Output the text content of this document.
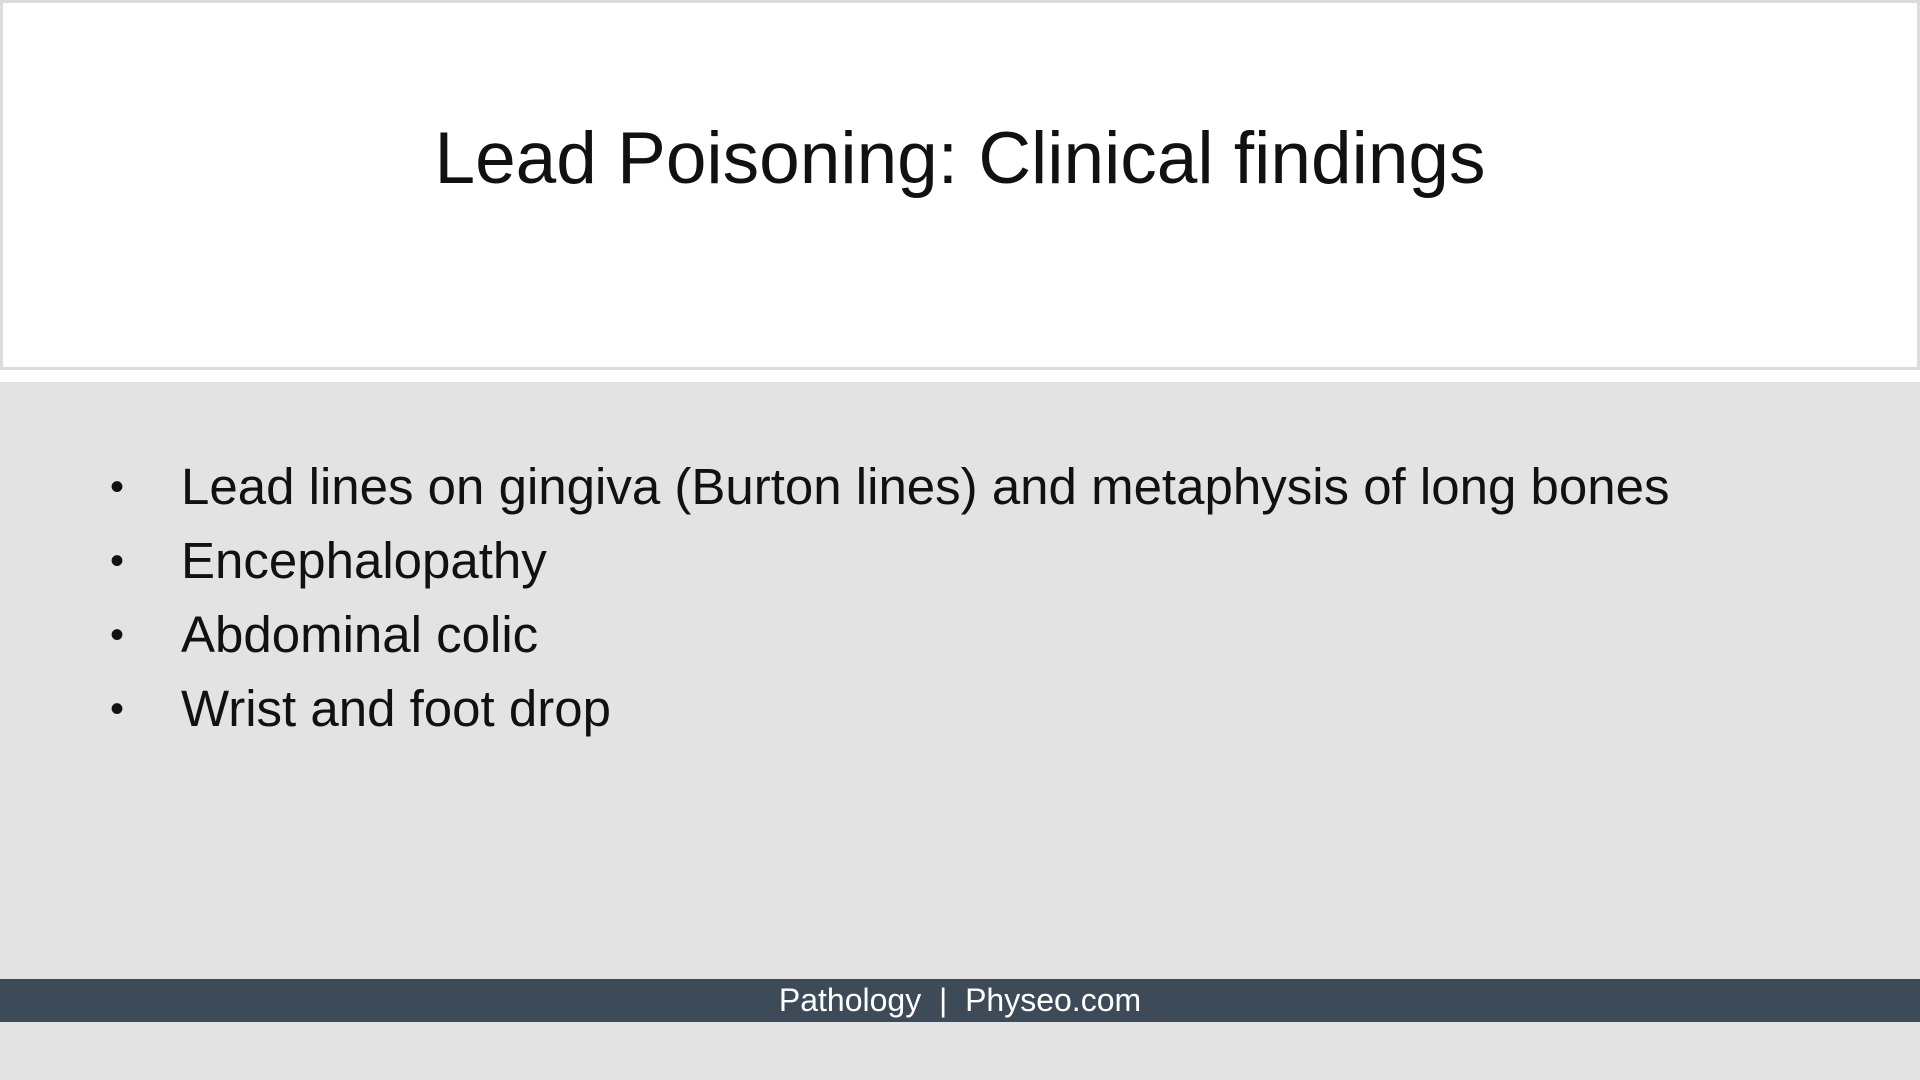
Lead Poisoning: Clinical findings
• Lead lines on gingiva (Burton lines) and metaphysis of long bones
• Encephalopathy
• Abdominal colic
• Wrist and foot drop
Pathology | Physeo.com
